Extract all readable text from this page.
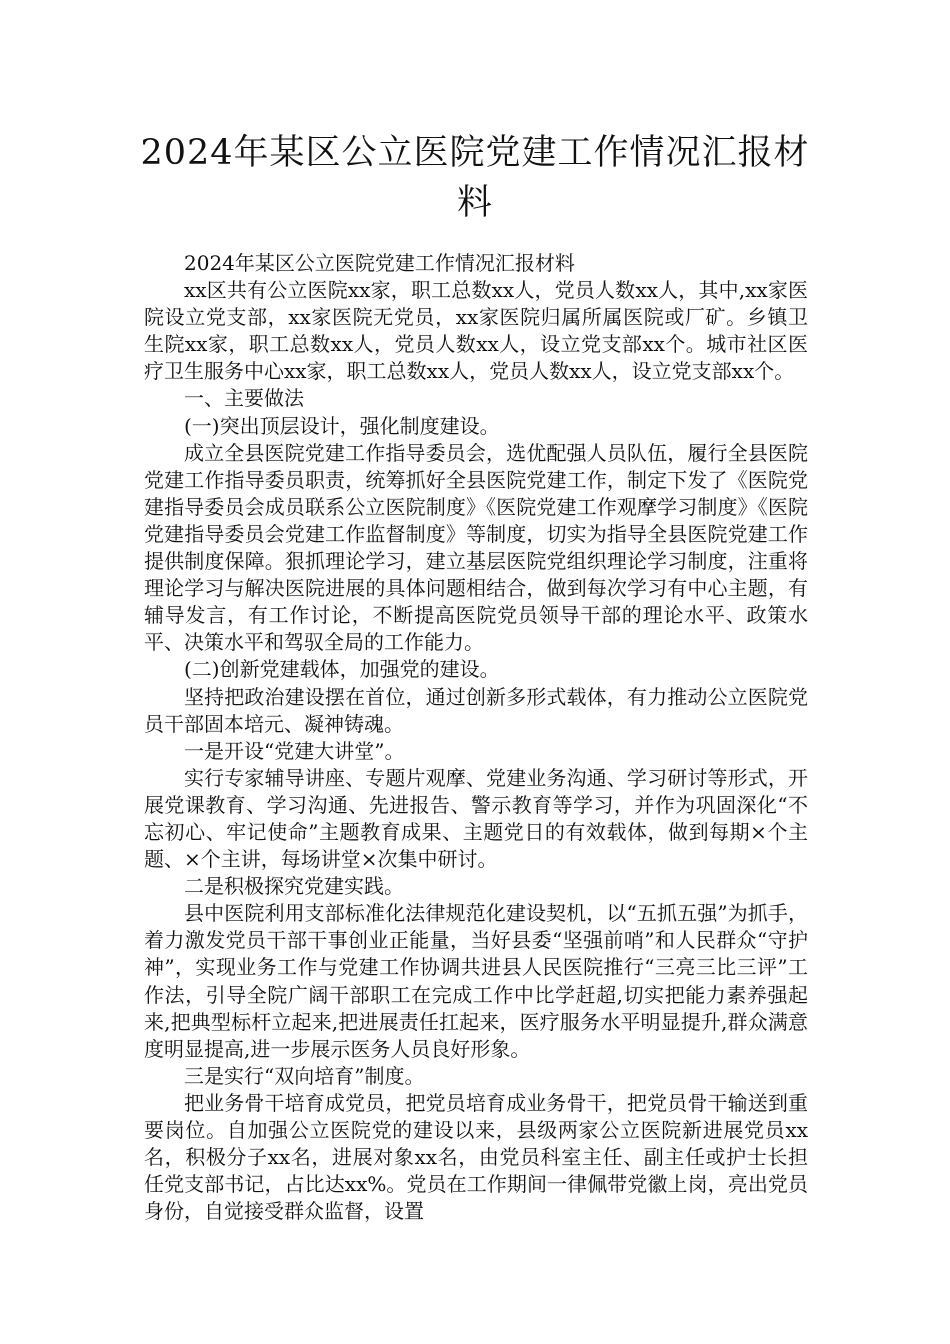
2024年某区公立医院党建工作情况汇报材料

2024年某区公立医院党建工作情况汇报材料

xx区共有公立医院xx家，职工总数xx人，党员人数xx人，其中,xx家医院设立党支部，xx家医院无党员，xx家医院归属所属医院或厂矿。乡镇卫生院xx家，职工总数xx人，党员人数xx人，设立党支部xx个。城市社区医疗卫生服务中心xx家，职工总数xx人，党员人数xx人，设立党支部xx个。

一、主要做法

(一)突出顶层设计，强化制度建设。

成立全县医院党建工作指导委员会，选优配强人员队伍，履行全县医院党建工作指导委员职责，统筹抓好全县医院党建工作，制定下发了《医院党建指导委员会成员联系公立医院制度》《医院党建工作观摩学习制度》《医院党建指导委员会党建工作监督制度》等制度，切实为指导全县医院党建工作提供制度保障。狠抓理论学习，建立基层医院党组织理论学习制度，注重将理论学习与解决医院进展的具体问题相结合，做到每次学习有中心主题，有辅导发言，有工作讨论，不断提高医院党员领导干部的理论水平、政策水平、决策水平和驾驭全局的工作能力。

(二)创新党建载体，加强党的建设。

坚持把政治建设摆在首位，通过创新多形式载体，有力推动公立医院党员干部固本培元、凝神铸魂。

一是开设“党建大讲堂”。

实行专家辅导讲座、专题片观摩、党建业务沟通、学习研讨等形式，开展党课教育、学习沟通、先进报告、警示教育等学习，并作为巩固深化“不忘初心、牢记使命”主题教育成果、主题党日的有效载体，做到每期×个主题、×个主讲，每场讲堂×次集中研讨。

二是积极探究党建实践。

县中医院利用支部标准化法律规范化建设契机，以“五抓五强”为抓手，着力激发党员干部干事创业正能量，当好县委“坚强前哨”和人民群众“守护神”，实现业务工作与党建工作协调共进县人民医院推行“三亮三比三评”工作法，引导全院广阔干部职工在完成工作中比学赶超,切实把能力素养强起来,把典型标杆立起来,把进展责任扛起来，医疗服务水平明显提升,群众满意度明显提高,进一步展示医务人员良好形象。

三是实行“双向培育”制度。

把业务骨干培育成党员，把党员培育成业务骨干，把党员骨干输送到重要岗位。自加强公立医院党的建设以来，县级两家公立医院新进展党员xx名，积极分子xx名，进展对象xx名，由党员科室主任、副主任或护士长担任党支部书记，占比达xx%。党员在工作期间一律佩带党徽上岗，亮出党员身份，自觉接受群众监督，设置
